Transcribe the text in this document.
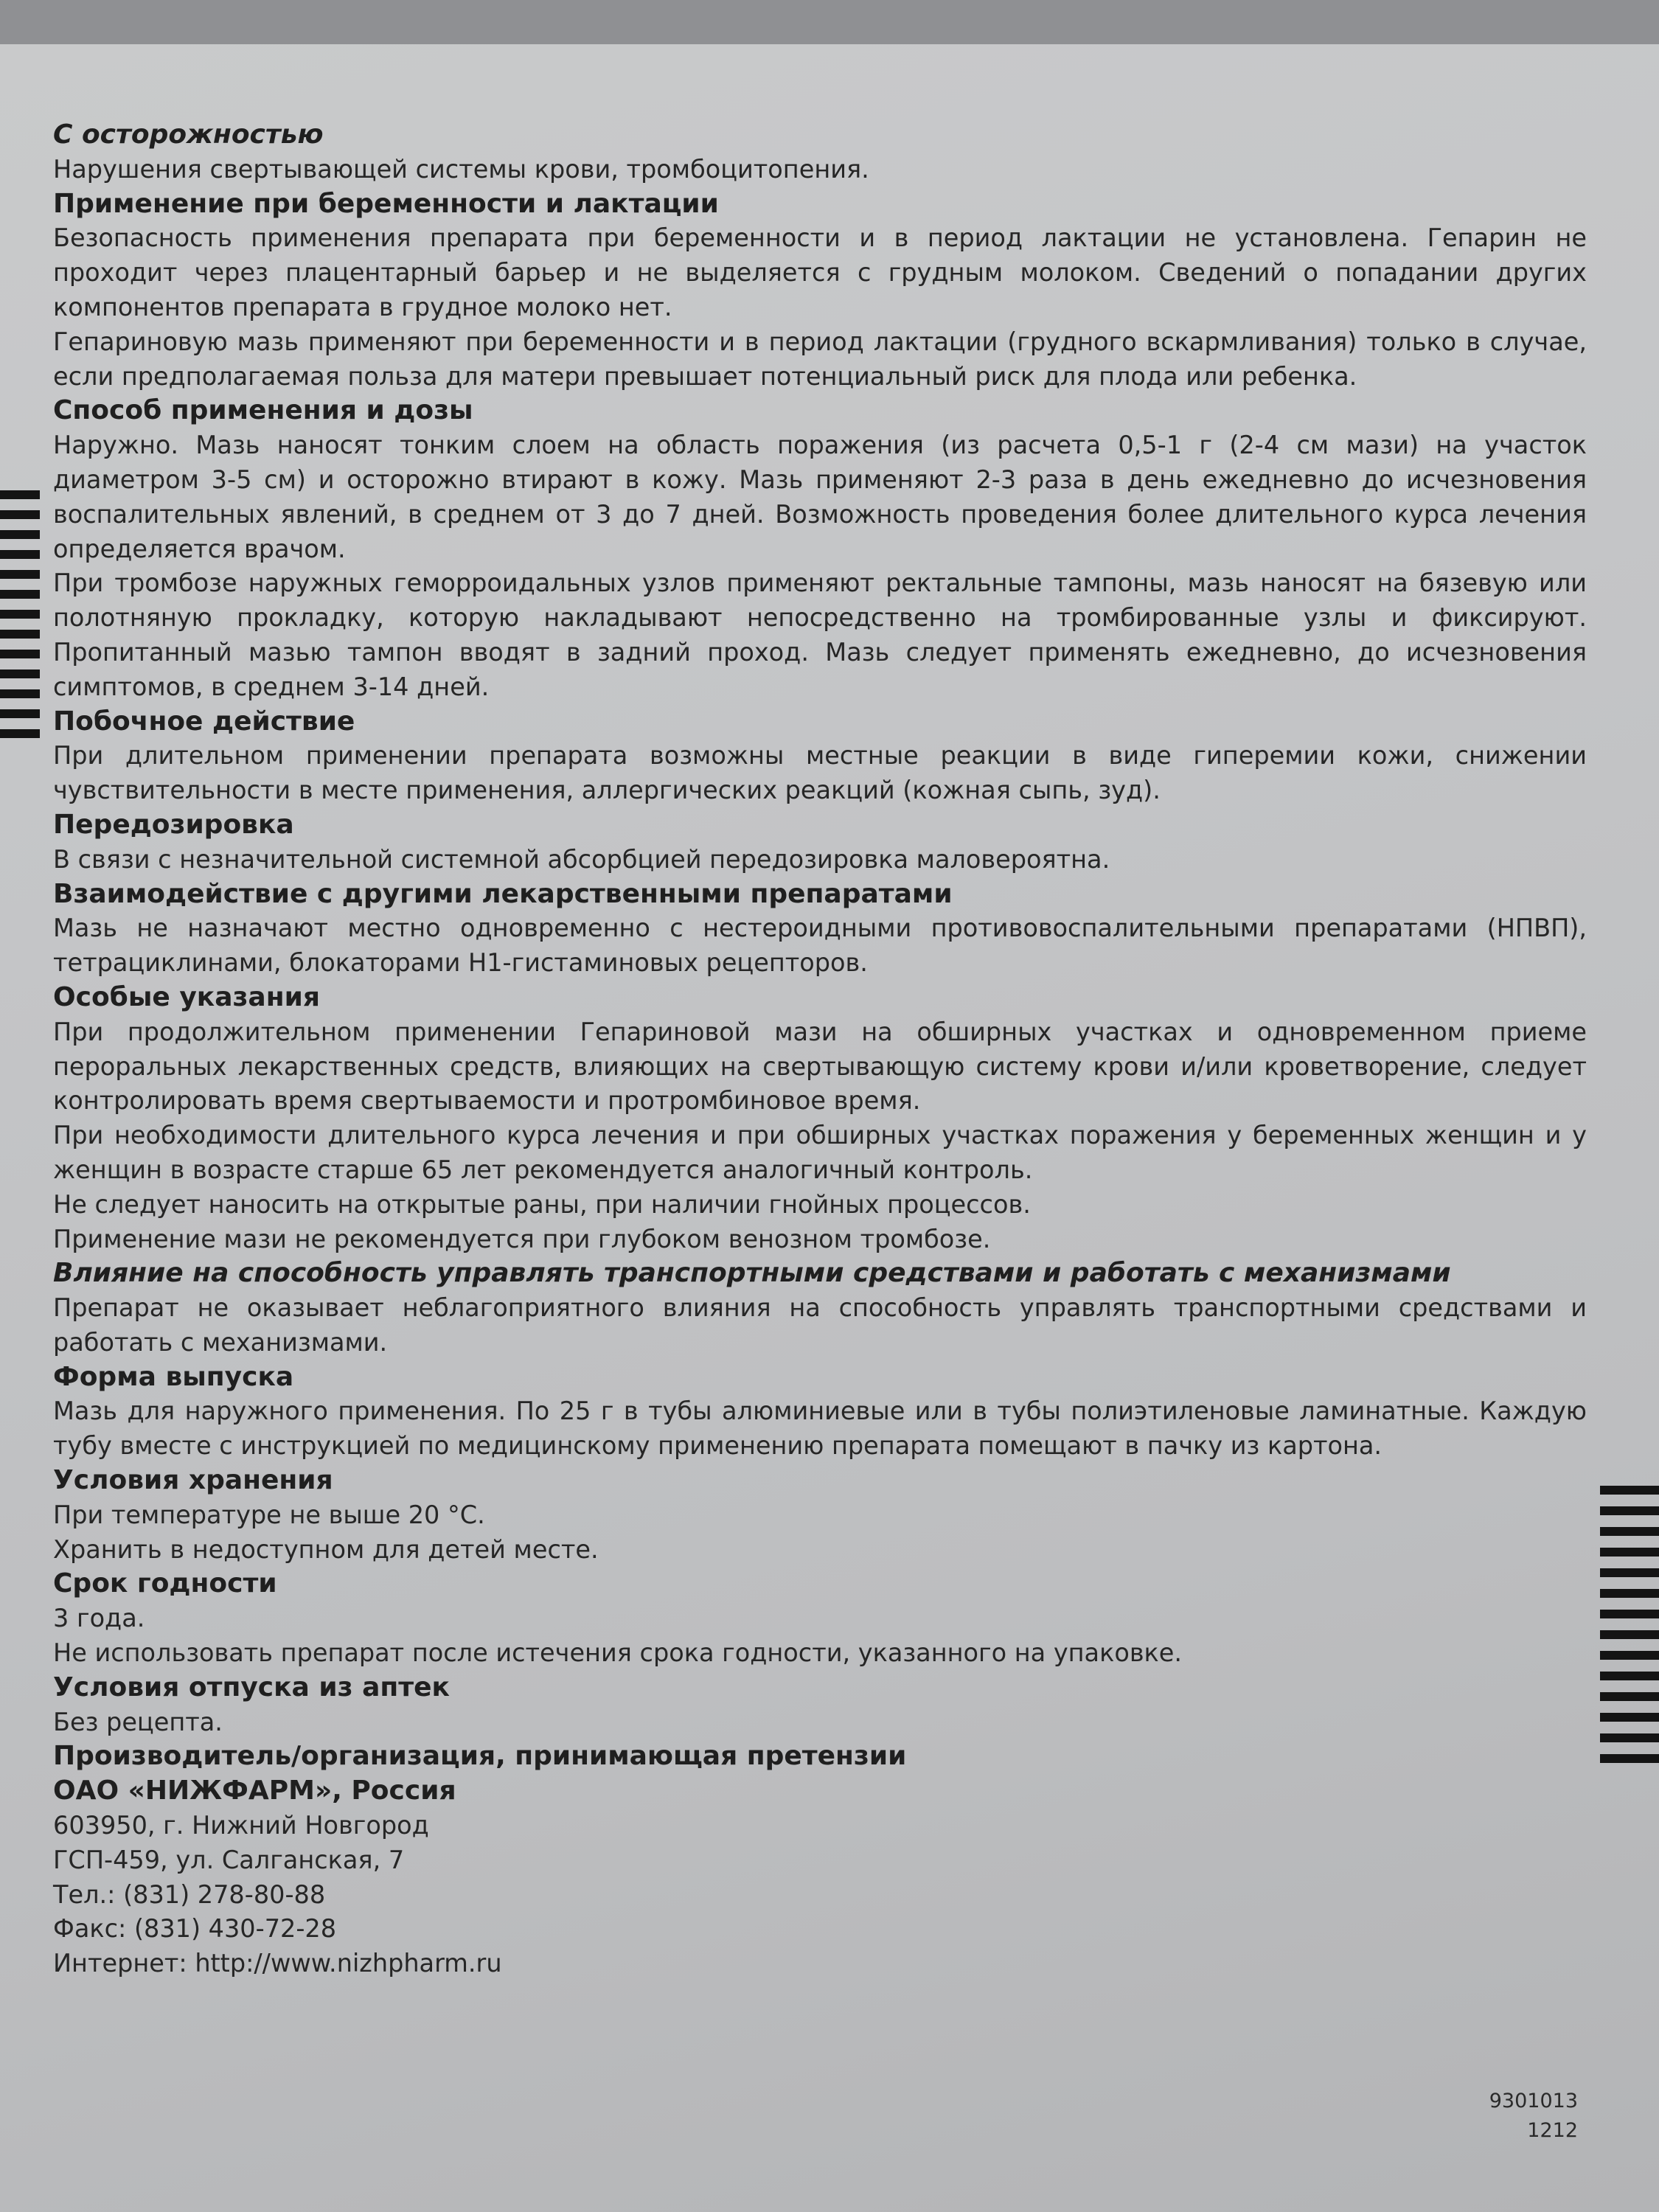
С осторожностью

Нарушения свертывающей системы крови, тромбоцитопения.

Применение при беременности и лактации

Безопасность применения препарата при беременности и в период лактации не установлена. Гепарин не проходит через плацентарный барьер и не выделяется с грудным молоком. Сведений о попадании других компонентов препарата в грудное молоко нет.

Гепариновую мазь применяют при беременности и в период лактации (грудного вскармливания) только в случае, если предполагаемая польза для матери превышает потенциальный риск для плода или ребенка.

Способ применения и дозы

Наружно. Мазь наносят тонким слоем на область поражения (из расчета 0,5-1 г (2-4 см мази) на участок диаметром 3-5 см) и осторожно втирают в кожу. Мазь применяют 2-3 раза в день ежедневно до исчезновения воспалительных явлений, в среднем от 3 до 7 дней. Возможность проведения более длительного курса лечения определяется врачом.

При тромбозе наружных геморроидальных узлов применяют ректальные тампоны, мазь наносят на бязевую или полотняную прокладку, которую накладывают непосредственно на тромбированные узлы и фиксируют. Пропитанный мазью тампон вводят в задний проход. Мазь следует применять ежедневно, до исчезновения симптомов, в среднем 3-14 дней.

Побочное действие

При длительном применении препарата возможны местные реакции в виде гиперемии кожи, снижении чувствительности в месте применения, аллергических реакций (кожная сыпь, зуд).

Передозировка

В связи с незначительной системной абсорбцией передозировка маловероятна.

Взаимодействие с другими лекарственными препаратами

Мазь не назначают местно одновременно с нестероидными противовоспалительными препаратами (НПВП), тетрациклинами, блокаторами Н1-гистаминовых рецепторов.

Особые указания

При продолжительном применении Гепариновой мази на обширных участках и одновременном приеме пероральных лекарственных средств, влияющих на свертывающую систему крови и/или кроветворение, следует контролировать время свертываемости и протромбиновое время.

При необходимости длительного курса лечения и при обширных участках поражения у беременных женщин и у женщин в возрасте старше 65 лет рекомендуется аналогичный контроль.

Не следует наносить на открытые раны, при наличии гнойных процессов.

Применение мази не рекомендуется при глубоком венозном тромбозе.

Влияние на способность управлять транспортными средствами и работать с механизмами

Препарат не оказывает неблагоприятного влияния на способность управлять транспортными средствами и работать с механизмами.

Форма выпуска

Мазь для наружного применения. По 25 г в тубы алюминиевые или в тубы полиэтиленовые ламинатные. Каждую тубу вместе с инструкцией по медицинскому применению препарата помещают в пачку из картона.

Условия хранения

При температуре не выше 20 °С.

Хранить в недоступном для детей месте.

Срок годности

3 года.

Не использовать препарат после истечения срока годности, указанного на упаковке.

Условия отпуска из аптек

Без рецепта.

Производитель/организация, принимающая претензии
ОАО «НИЖФАРМ», Россия

603950, г. Нижний Новгород

ГСП-459, ул. Салганская, 7

Тел.: (831) 278-80-88

Факс: (831) 430-72-28

Интернет: http://www.nizhpharm.ru

9301013
1212
